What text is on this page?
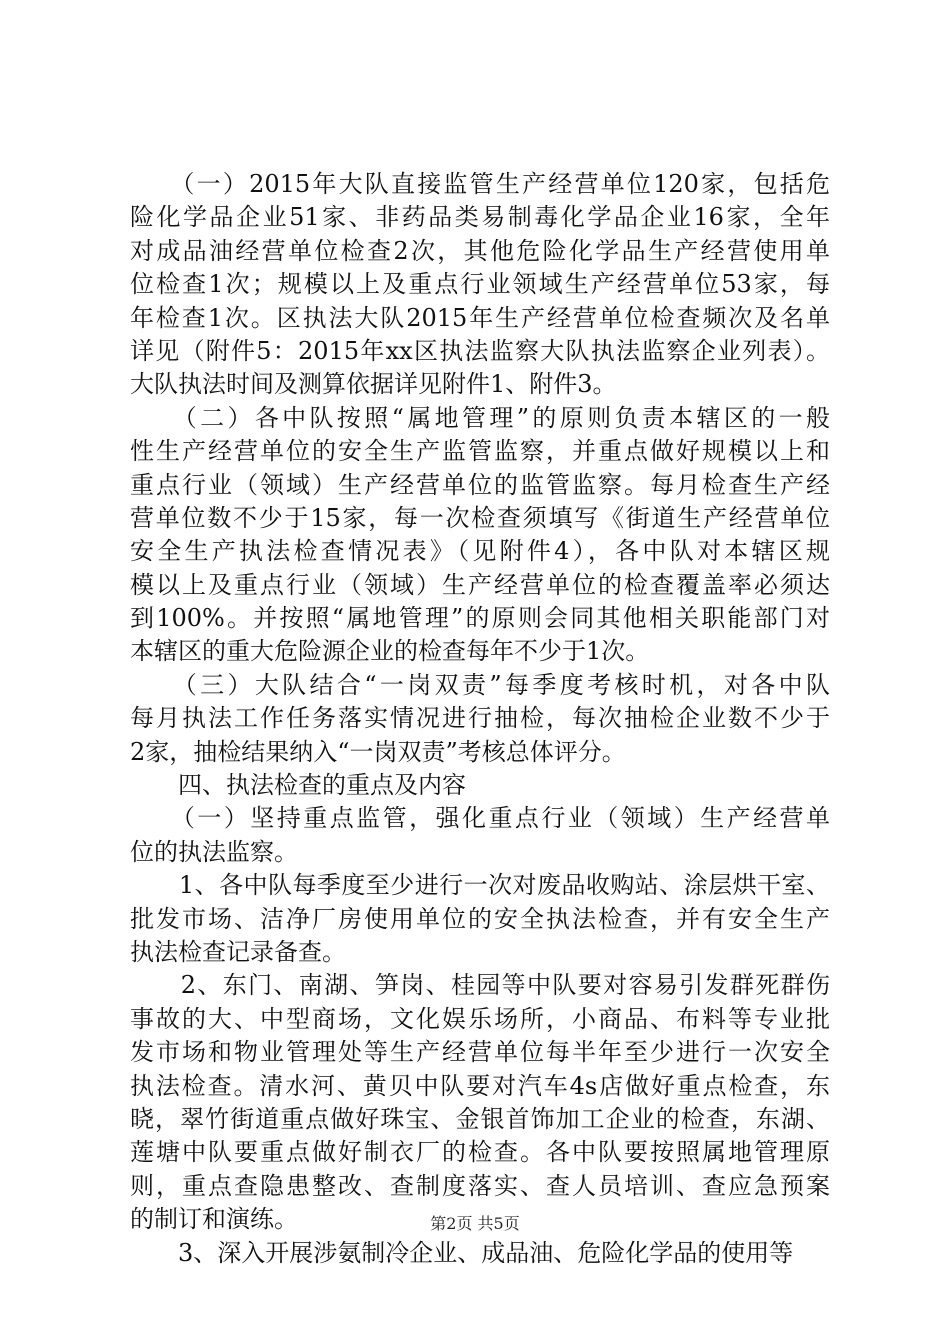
　　（一）2015年大队直接监管生产经营单位120家，包括危
险化学品企业51家、非药品类易制毒化学品企业16家，全年
对成品油经营单位检查2次，其他危险化学品生产经营使用单
位检查1次；规模以上及重点行业领域生产经营单位53家，每
年检查1次。区执法大队2015年生产经营单位检查频次及名单
详见（附件5：2015年xx区执法监察大队执法监察企业列表）。
大队执法时间及测算依据详见附件1、附件3。
　　（二）各中队按照“属地管理”的原则负责本辖区的一般
性生产经营单位的安全生产监管监察，并重点做好规模以上和
重点行业（领域）生产经营单位的监管监察。每月检查生产经
营单位数不少于15家，每一次检查须填写《街道生产经营单位
安全生产执法检查情况表》（见附件4），各中队对本辖区规
模以上及重点行业（领域）生产经营单位的检查覆盖率必须达
到100%。并按照“属地管理”的原则会同其他相关职能部门对
本辖区的重大危险源企业的检查每年不少于1次。
　　（三）大队结合“一岗双责”每季度考核时机，对各中队
每月执法工作任务落实情况进行抽检，每次抽检企业数不少于
2家，抽检结果纳入“一岗双责”考核总体评分。
　　四、执法检查的重点及内容
　　（一）坚持重点监管，强化重点行业（领域）生产经营单
位的执法监察。
　　1、各中队每季度至少进行一次对废品收购站、涂层烘干室、
批发市场、洁净厂房使用单位的安全执法检查，并有安全生产
执法检查记录备查。
　　2、东门、南湖、笋岗、桂园等中队要对容易引发群死群伤
事故的大、中型商场，文化娱乐场所，小商品、布料等专业批
发市场和物业管理处等生产经营单位每半年至少进行一次安全
执法检查。清水河、黄贝中队要对汽车4s店做好重点检查，东
晓，翠竹街道重点做好珠宝、金银首饰加工企业的检查，东湖、
莲塘中队要重点做好制衣厂的检查。各中队要按照属地管理原
则，重点查隐患整改、查制度落实、查人员培训、查应急预案
的制订和演练。
　　3、深入开展涉氨制冷企业、成品油、危险化学品的使用等
第2页 共5页
